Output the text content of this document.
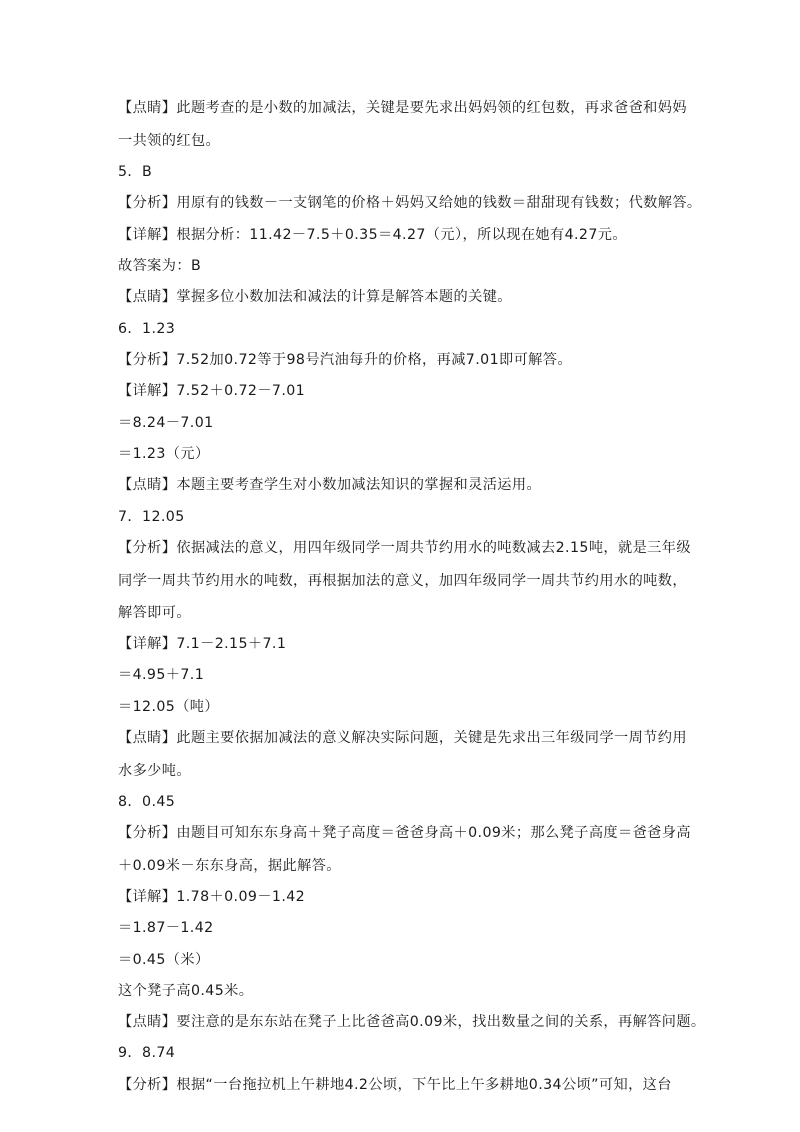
【点睛】此题考查的是小数的加减法，关键是要先求出妈妈领的红包数，再求爸爸和妈妈
一共领的红包。
5．B
【分析】用原有的钱数－一支钢笔的价格＋妈妈又给她的钱数＝甜甜现有钱数；代数解答。
【详解】根据分析：11.42－7.5＋0.35＝4.27（元），所以现在她有4.27元。
故答案为：B
【点睛】掌握多位小数加法和减法的计算是解答本题的关键。
6．1.23
【分析】7.52加0.72等于98号汽油每升的价格，再减7.01即可解答。
【详解】7.52＋0.72－7.01
＝8.24－7.01
＝1.23（元）
【点睛】本题主要考查学生对小数加减法知识的掌握和灵活运用。
7．12.05
【分析】依据减法的意义，用四年级同学一周共节约用水的吨数减去2.15吨，就是三年级
同学一周共节约用水的吨数，再根据加法的意义，加四年级同学一周共节约用水的吨数，
解答即可。
【详解】7.1－2.15＋7.1
＝4.95＋7.1
＝12.05（吨）
【点睛】此题主要依据加减法的意义解决实际问题，关键是先求出三年级同学一周节约用
水多少吨。
8．0.45
【分析】由题目可知东东身高＋凳子高度＝爸爸身高＋0.09米；那么凳子高度＝爸爸身高
＋0.09米－东东身高，据此解答。
【详解】1.78＋0.09－1.42
＝1.87－1.42
＝0.45（米）
这个凳子高0.45米。
【点睛】要注意的是东东站在凳子上比爸爸高0.09米，找出数量之间的关系，再解答问题。
9．8.74
【分析】根据“一台拖拉机上午耕地4.2公顷，下午比上午多耕地0.34公顷”可知，这台
